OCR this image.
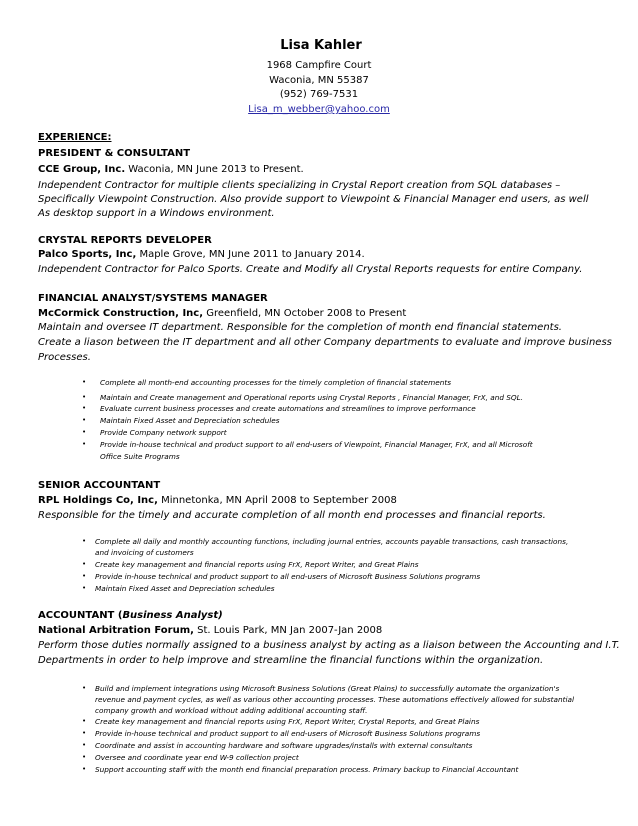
Lisa Kahler
1968 Campfire Court
Waconia, MN 55387
(952) 769-7531
Lisa_m_webber@yahoo.com
EXPERIENCE:
PRESIDENT & CONSULTANT
CCE Group, Inc. Waconia, MN June 2013 to Present.
Independent Contractor for multiple clients specializing in Crystal Report creation from SQL databases –
Specifically Viewpoint Construction. Also provide support to Viewpoint & Financial Manager end users, as well
As desktop support in a Windows environment.
CRYSTAL REPORTS DEVELOPER
Palco Sports, Inc, Maple Grove, MN June 2011 to January 2014.
Independent Contractor for Palco Sports. Create and Modify all Crystal Reports requests for entire Company.
FINANCIAL ANALYST/SYSTEMS MANAGER
McCormick Construction, Inc, Greenfield, MN October 2008 to Present
Maintain and oversee IT department. Responsible for the completion of month end financial statements.
Create a liason between the IT department and all other Company departments to evaluate and improve business
Processes.
• Complete all month-end accounting processes for the timely completion of financial statements
• Maintain and Create management and Operational reports using Crystal Reports , Financial Manager, FrX, and SQL.
• Evaluate current business processes and create automations and streamlines to improve performance
• Maintain Fixed Asset and Depreciation schedules
• Provide Company network support
• Provide in-house technical and product support to all end-users of Viewpoint, Financial Manager, FrX, and all Microsoft
Office Suite Programs
SENIOR ACCOUNTANT
RPL Holdings Co, Inc, Minnetonka, MN April 2008 to September 2008
Responsible for the timely and accurate completion of all month end processes and financial reports.
• Complete all daily and monthly accounting functions, including journal entries, accounts payable transactions, cash transactions,
and invoicing of customers
• Create key management and financial reports using FrX, Report Writer, and Great Plains
• Provide in-house technical and product support to all end-users of Microsoft Business Solutions programs
• Maintain Fixed Asset and Depreciation schedules
ACCOUNTANT (Business Analyst)
National Arbitration Forum, St. Louis Park, MN Jan 2007-Jan 2008
Perform those duties normally assigned to a business analyst by acting as a liaison between the Accounting and I.T.
Departments in order to help improve and streamline the financial functions within the organization.
• Build and implement integrations using Microsoft Business Solutions (Great Plains) to successfully automate the organization's
revenue and payment cycles, as well as various other accounting processes. These automations effectively allowed for substantial
company growth and workload without adding additional accounting staff.
• Create key management and financial reports using FrX, Report Writer, Crystal Reports, and Great Plains
• Provide in-house technical and product support to all end-users of Microsoft Business Solutions programs
• Coordinate and assist in accounting hardware and software upgrades/installs with external consultants
• Oversee and coordinate year end W-9 collection project
• Support accounting staff with the month end financial preparation process. Primary backup to Financial Accountant
